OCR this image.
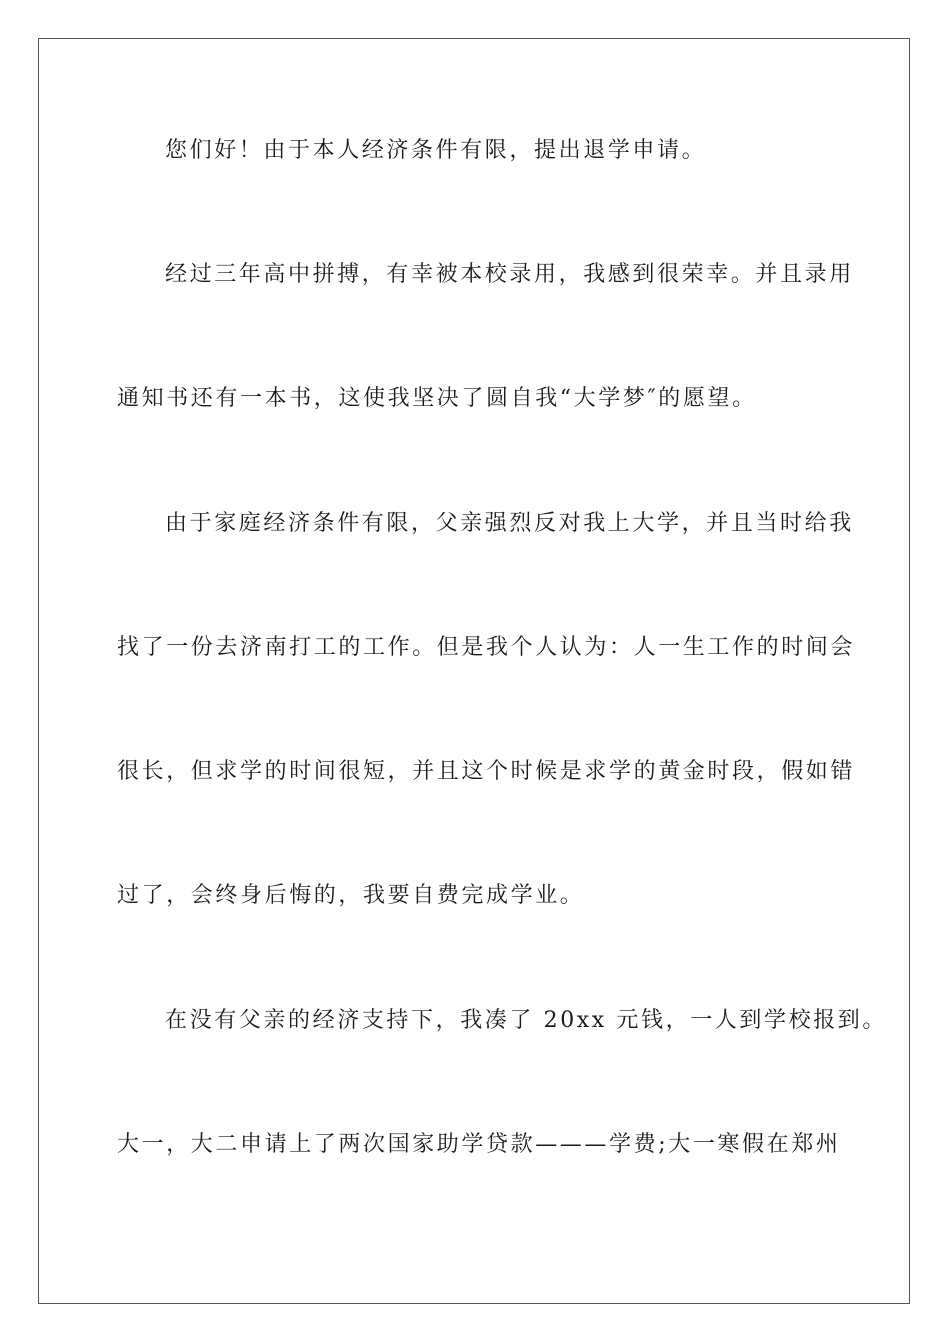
您们好！由于本人经济条件有限，提出退学申请。

经过三年高中拼搏，有幸被本校录用，我感到很荣幸。并且录用

通知书还有一本书，这使我坚决了圆自我“大学梦″的愿望。

由于家庭经济条件有限，父亲强烈反对我上大学，并且当时给我

找了一份去济南打工的工作。但是我个人认为：人一生工作的时间会

很长，但求学的时间很短，并且这个时候是求学的黄金时段，假如错

过了，会终身后悔的，我要自费完成学业。

在没有父亲的经济支持下，我凑了 20xx 元钱，一人到学校报到。

大一，大二申请上了两次国家助学贷款———学费;大一寒假在郑州
